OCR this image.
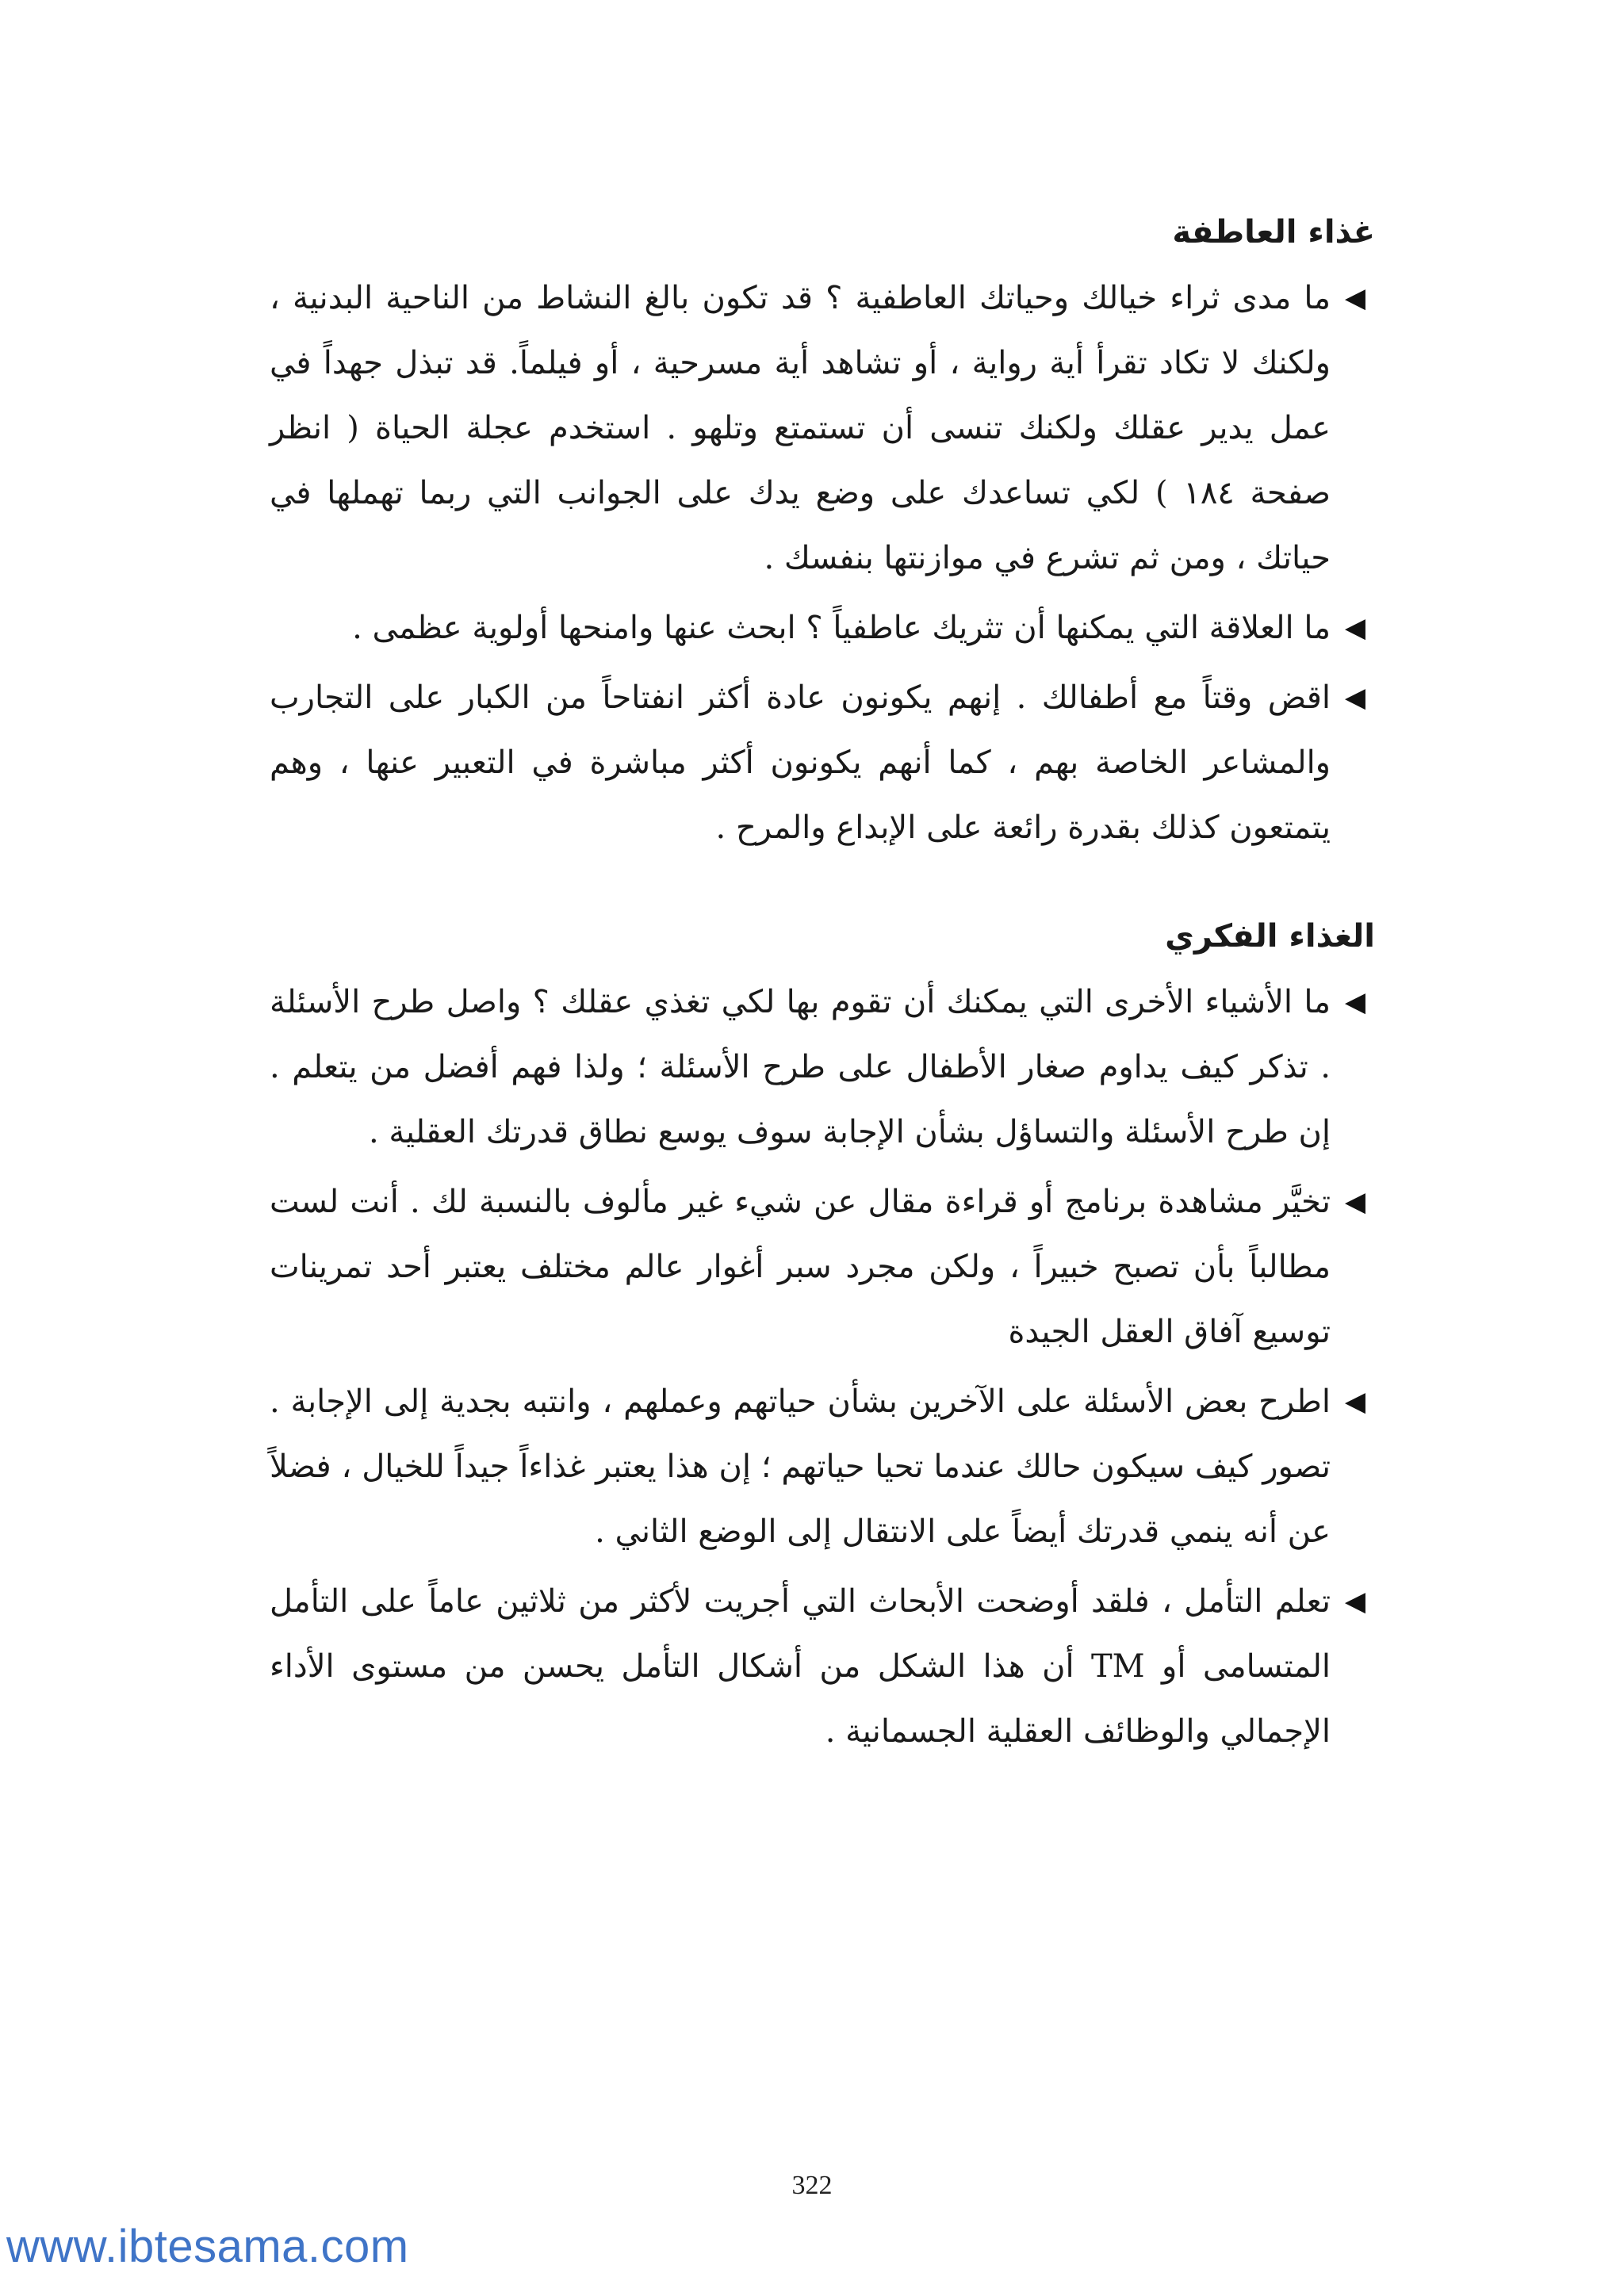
غذاء العاطفة
◀

ما مدى ثراء خيالك وحياتك العاطفية ؟ قد تكون بالغ النشاط من الناحية البدنية ، ولكنك لا تكاد تقرأ أية رواية ، أو تشاهد أية مسرحية ، أو فيلماً. قد تبذل جهداً في عمل يدير عقلك ولكنك تنسى أن تستمتع وتلهو . استخدم عجلة الحياة ( انظر صفحة ١٨٤ ) لكي تساعدك على وضع يدك على الجوانب التي ربما تهملها في حياتك ، ومن ثم تشرع في موازنتها بنفسك .

◀

ما العلاقة التي يمكنها أن تثريك عاطفياً ؟ ابحث عنها وامنحها أولوية عظمى .

◀

اقض وقتاً مع أطفالك . إنهم يكونون عادة أكثر انفتاحاً من الكبار على التجارب والمشاعر الخاصة بهم ، كما أنهم يكونون أكثر مباشرة في التعبير عنها ، وهم يتمتعون كذلك بقدرة رائعة على الإبداع والمرح .

الغذاء الفكري
◀

ما الأشياء الأخرى التي يمكنك أن تقوم بها لكي تغذي عقلك ؟ واصل طرح الأسئلة . تذكر كيف يداوم صغار الأطفال على طرح الأسئلة ؛ ولذا فهم أفضل من يتعلم . إن طرح الأسئلة والتساؤل بشأن الإجابة سوف يوسع نطاق قدرتك العقلية .

◀

تخيَّر مشاهدة برنامج أو قراءة مقال عن شيء غير مألوف بالنسبة لك . أنت لست مطالباً بأن تصبح خبيراً ، ولكن مجرد سبر أغوار عالم مختلف يعتبر أحد تمرينات توسيع آفاق العقل الجيدة

◀

اطرح بعض الأسئلة على الآخرين بشأن حياتهم وعملهم ، وانتبه بجدية إلى الإجابة . تصور كيف سيكون حالك عندما تحيا حياتهم ؛ إن هذا يعتبر غذاءاً جيداً للخيال ، فضلاً عن أنه ينمي قدرتك أيضاً على الانتقال إلى الوضع الثاني .

◀

تعلم التأمل ، فلقد أوضحت الأبحاث التي أجريت لأكثر من ثلاثين عاماً على التأمل المتسامى أو TM أن هذا الشكل من أشكال التأمل يحسن من مستوى الأداء الإجمالي والوظائف العقلية الجسمانية .

322
www.ibtesama.com
